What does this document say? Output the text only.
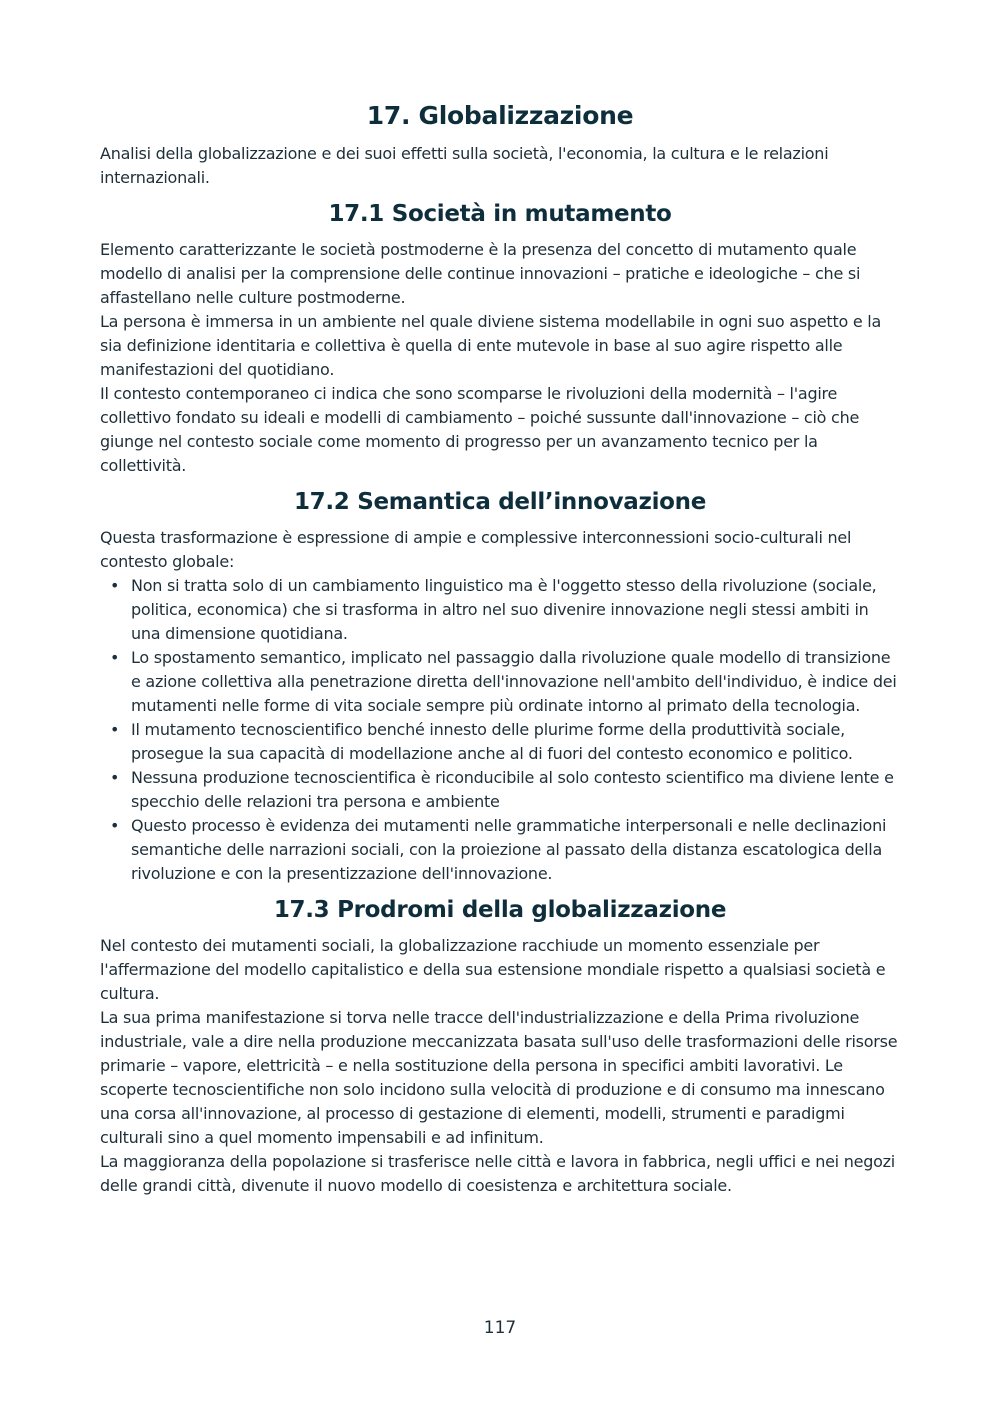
17. Globalizzazione

Analisi della globalizzazione e dei suoi effetti sulla società, l'economia, la cultura e le relazioni internazionali.

17.1 Società in mutamento

Elemento caratterizzante le società postmoderne è la presenza del concetto di mutamento quale modello di analisi per la comprensione delle continue innovazioni – pratiche e ideologiche – che si affastellano nelle culture postmoderne.

La persona è immersa in un ambiente nel quale diviene sistema modellabile in ogni suo aspetto e la sia definizione identitaria e collettiva è quella di ente mutevole in base al suo agire rispetto alle manifestazioni del quotidiano.

Il contesto contemporaneo ci indica che sono scomparse le rivoluzioni della modernità – l'agire collettivo fondato su ideali e modelli di cambiamento – poiché sussunte dall'innovazione – ciò che giunge nel contesto sociale come momento di progresso per un avanzamento tecnico per la collettività.

17.2 Semantica dell’innovazione

Questa trasformazione è espressione di ampie e complessive interconnessioni socio-culturali nel contesto globale:

• Non si tratta solo di un cambiamento linguistico ma è l'oggetto stesso della rivoluzione (sociale, politica, economica) che si trasforma in altro nel suo divenire innovazione negli stessi ambiti in una dimensione quotidiana.
• Lo spostamento semantico, implicato nel passaggio dalla rivoluzione quale modello di transizione e azione collettiva alla penetrazione diretta dell'innovazione nell'ambito dell'individuo, è indice dei mutamenti nelle forme di vita sociale sempre più ordinate intorno al primato della tecnologia.
• Il mutamento tecnoscientifico benché innesto delle plurime forme della produttività sociale, prosegue la sua capacità di modellazione anche al di fuori del contesto economico e politico.
• Nessuna produzione tecnoscientifica è riconducibile al solo contesto scientifico ma diviene lente e specchio delle relazioni tra persona e ambiente
• Questo processo è evidenza dei mutamenti nelle grammatiche interpersonali e nelle declinazioni semantiche delle narrazioni sociali, con la proiezione al passato della distanza escatologica della rivoluzione e con la presentizzazione dell'innovazione.
17.3 Prodromi della globalizzazione

Nel contesto dei mutamenti sociali, la globalizzazione racchiude un momento essenziale per l'affermazione del modello capitalistico e della sua estensione mondiale rispetto a qualsiasi società e cultura.

La sua prima manifestazione si torva nelle tracce dell'industrializzazione e della Prima rivoluzione industriale, vale a dire nella produzione meccanizzata basata sull'uso delle trasformazioni delle risorse primarie – vapore, elettricità – e nella sostituzione della persona in specifici ambiti lavorativi. Le scoperte tecnoscientifiche non solo incidono sulla velocità di produzione e di consumo ma innescano una corsa all'innovazione, al processo di gestazione di elementi, modelli, strumenti e paradigmi culturali sino a quel momento impensabili e ad infinitum.

La maggioranza della popolazione si trasferisce nelle città e lavora in fabbrica, negli uffici e nei negozi delle grandi città, divenute il nuovo modello di coesistenza e architettura sociale.

117
